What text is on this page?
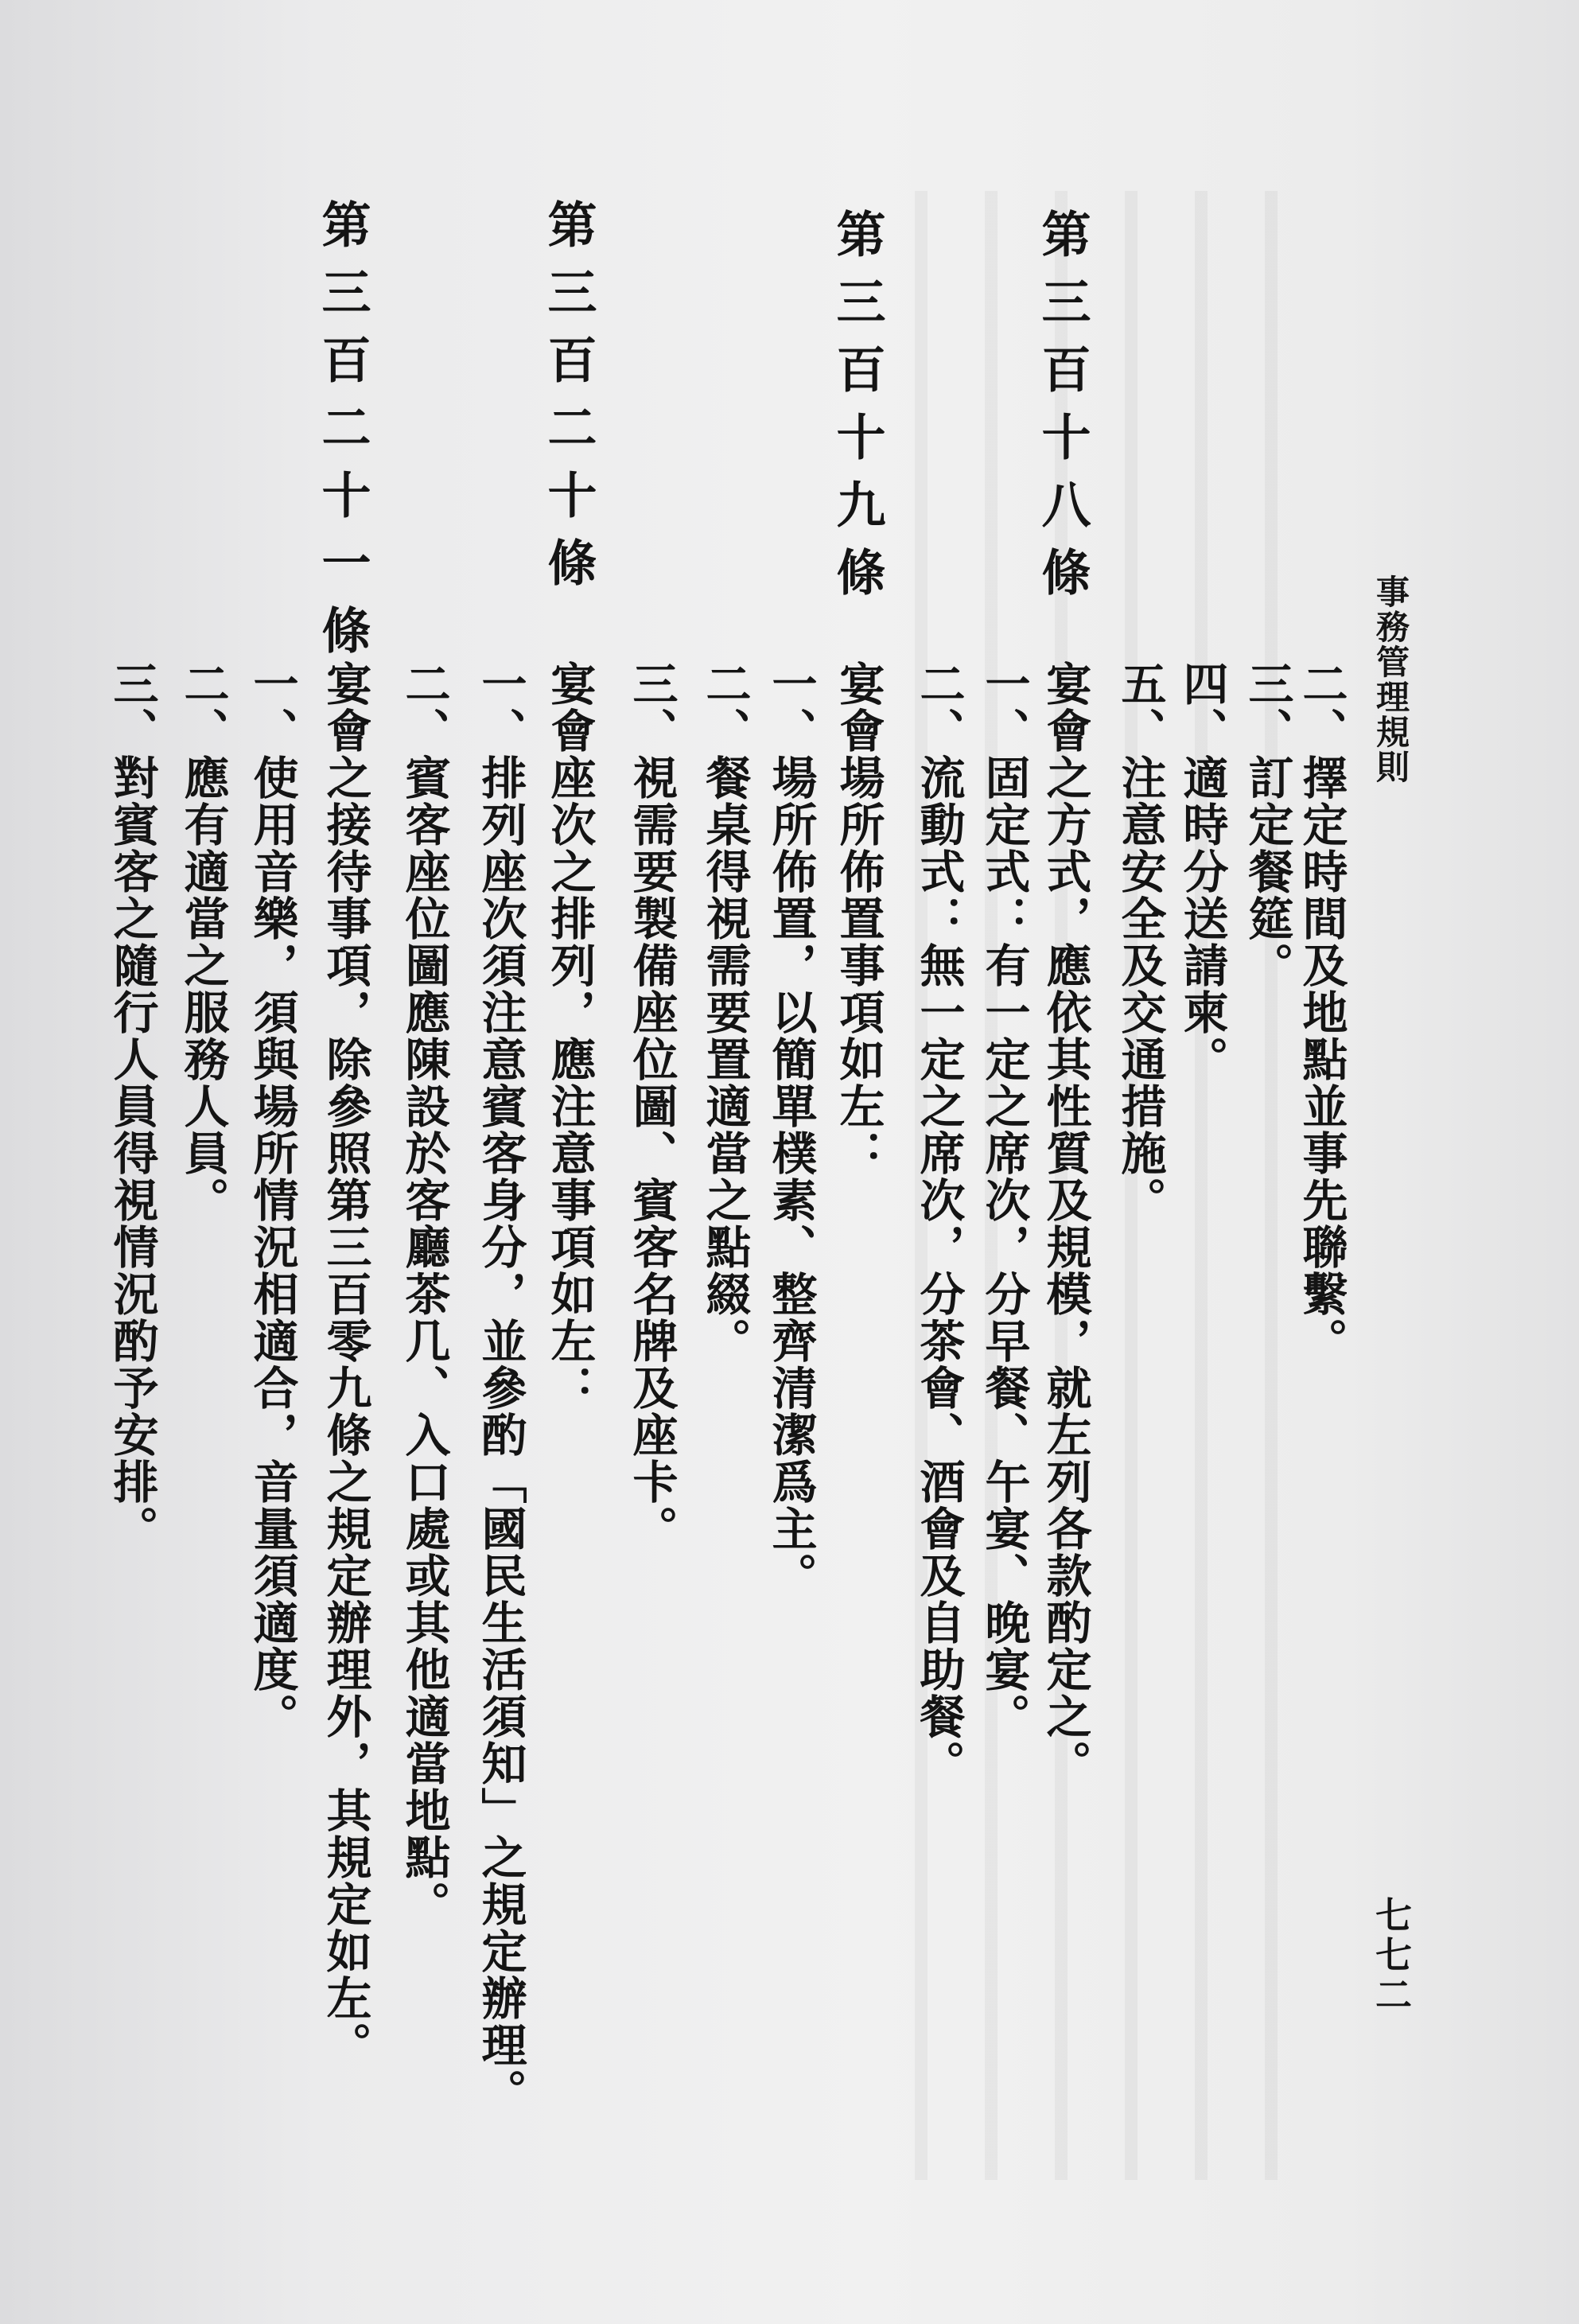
事務管理規則
七七二
第三百十八條
第三百十九條
第三百二十條
第三百二十一條
二、擇定時間及地點並事先聯繫。
三、訂定餐筵。
四、適時分送請柬。
五、注意安全及交通措施。
宴會之方式，應依其性質及規模，就左列各款酌定之。
一、固定式：有一定之席次，分早餐、午宴、晚宴。
二、流動式：無一定之席次，分茶會、酒會及自助餐。
宴會場所佈置事項如左：
一、場所佈置，以簡單樸素、整齊清潔爲主。
二、餐桌得視需要置適當之點綴。
三、視需要製備座位圖、賓客名牌及座卡。
宴會座次之排列，應注意事項如左：
一、排列座次須注意賓客身分，並參酌「國民生活須知」之規定辦理。
二、賓客座位圖應陳設於客廳茶几、入口處或其他適當地點。
宴會之接待事項，除參照第三百零九條之規定辦理外，其規定如左。
一、使用音樂，須與場所情況相適合，音量須適度。
二、應有適當之服務人員。
三、對賓客之隨行人員得視情況酌予安排。
